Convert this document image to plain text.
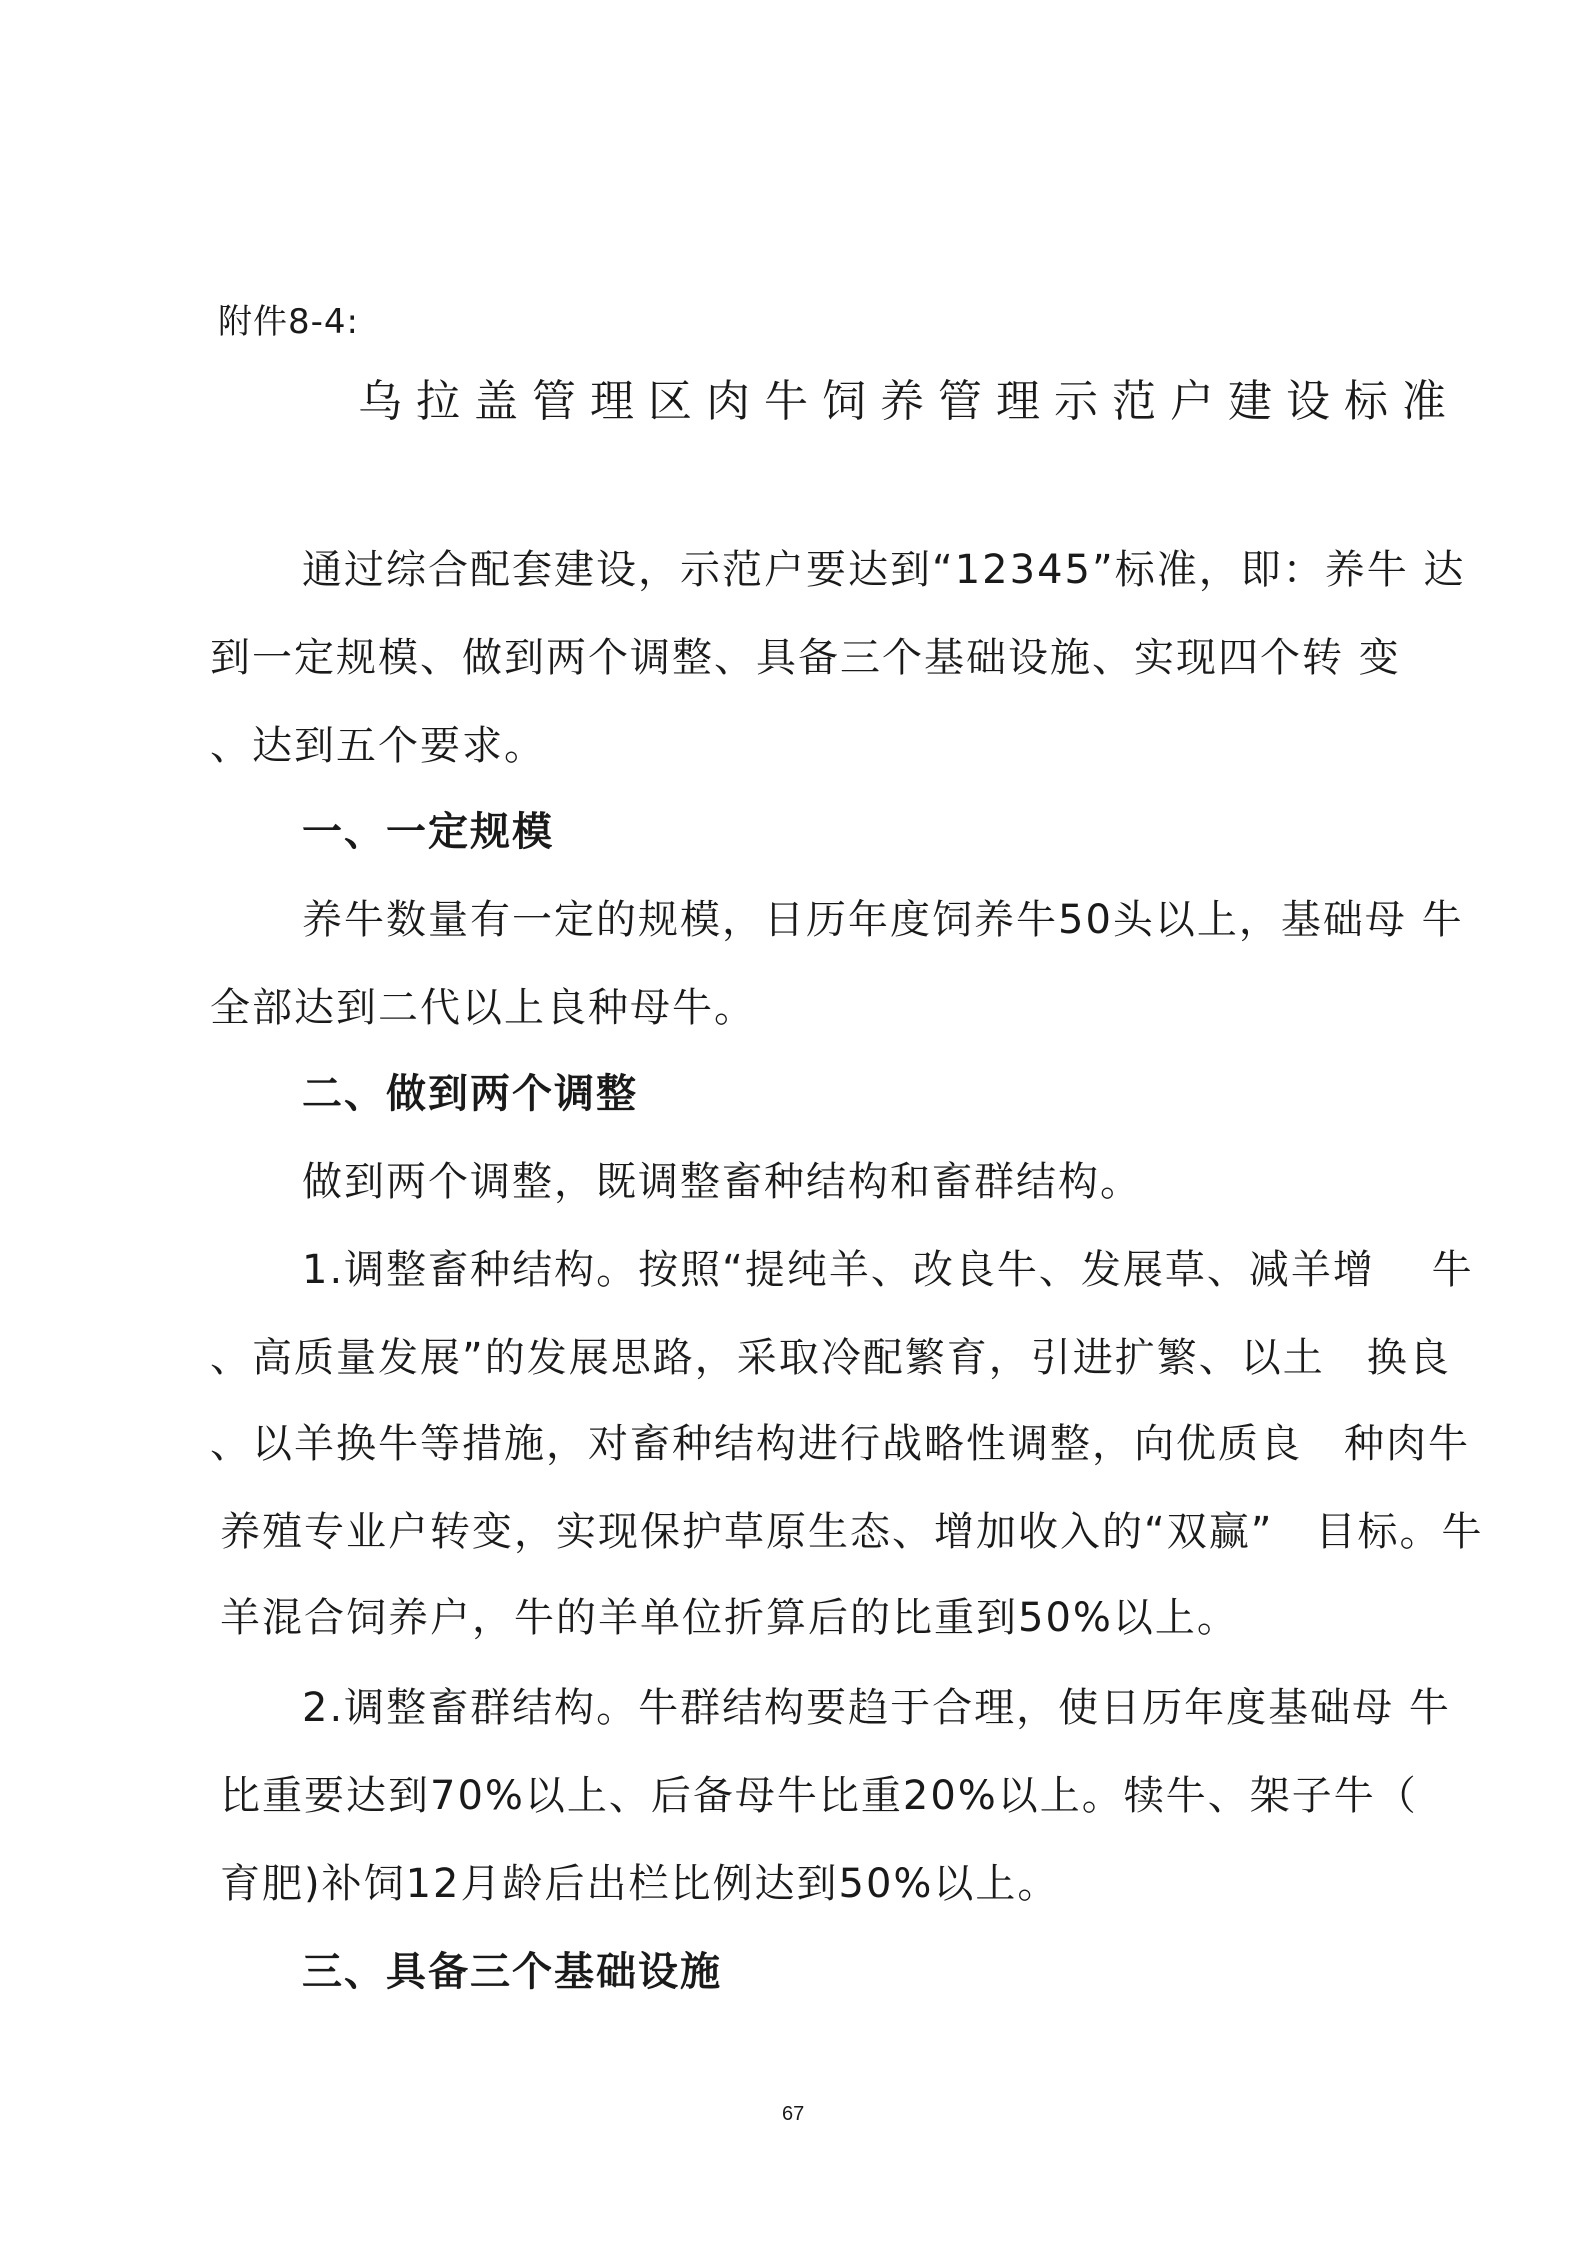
附件8-4:
乌拉盖管理区肉牛饲养管理示范户建设标准
通过综合配套建设，示范户要达到“12345”标准，即：养牛 达
到一定规模、做到两个调整、具备三个基础设施、实现四个转 变
、达到五个要求。
一、一定规模
养牛数量有一定的规模，日历年度饲养牛50头以上，基础母 牛
全部达到二代以上良种母牛。
二、做到两个调整
做到两个调整，既调整畜种结构和畜群结构。
1.调整畜种结构。按照“提纯羊、改良牛、发展草、减羊增　 牛
、高质量发展”的发展思路，采取冷配繁育，引进扩繁、以土　换良
、以羊换牛等措施，对畜种结构进行战略性调整，向优质良　种肉牛
养殖专业户转变，实现保护草原生态、增加收入的“双赢”　目标。牛
羊混合饲养户，牛的羊单位折算后的比重到50%以上。
2.调整畜群结构。牛群结构要趋于合理，使日历年度基础母 牛
比重要达到70%以上、后备母牛比重20%以上。犊牛、架子牛（
育肥)补饲12月龄后出栏比例达到50%以上。
三、具备三个基础设施
67
